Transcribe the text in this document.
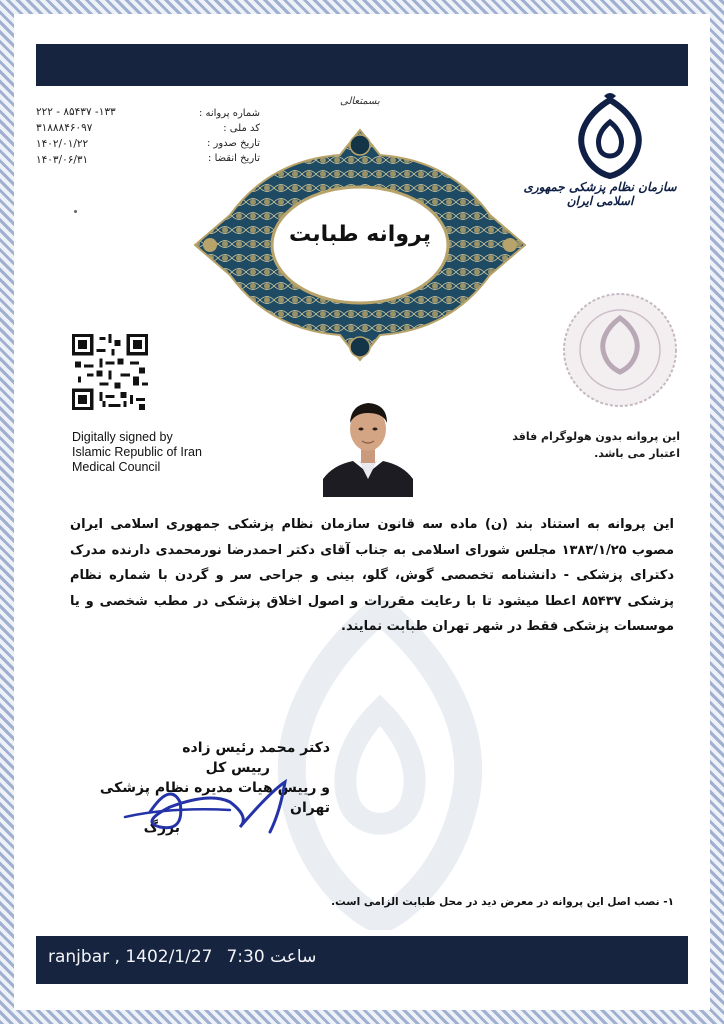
بسمتعالی
شماره پروانه :
کد ملی :
تاریخ صدور :
تاریخ انقضا :
۲۲۲ - ۸۵۴۳۷ -۱۳۳
۳۱۸۸۸۴۶۰۹۷
۱۴۰۲/۰۱/۲۲
۱۴۰۳/۰۶/۳۱
پروانه طبابت
سازمان نظام پزشکی جمهوری اسلامی ایران
این پروانه بدون هولوگرام فاقد
اعتبار می باشد.
Digitally signed by
Islamic Republic of Iran
Medical Council
این پروانه به استناد بند (ن) ماده سه قانون سازمان نظام پزشکی جمهوری اسلامی ایران مصوب ۱۳۸۳/۱/۲۵ مجلس شورای اسلامی به جناب آقای دکتر احمدرضا نورمحمدی دارنده مدرک دکترای پزشکی - دانشنامه تخصصی گوش، گلو، بینی و جراحی سر و گردن با شماره نظام پزشکی ۸۵۴۳۷ اعطا میشود تا با رعایت مقررات و اصول اخلاق پزشکی در مطب شخصی و یا موسسات پزشکی فقط در شهر تهران طبابت نمایند.
دکتر محمد رئیس زاده
رییس کل
و رییس هیات مدیره نظام پزشکی تهران
بزرگ
۱- نصب اصل این پروانه در معرض دید در محل طبابت الزامی است.
ranjbar , 1402/1/27 7:30 ساعت
